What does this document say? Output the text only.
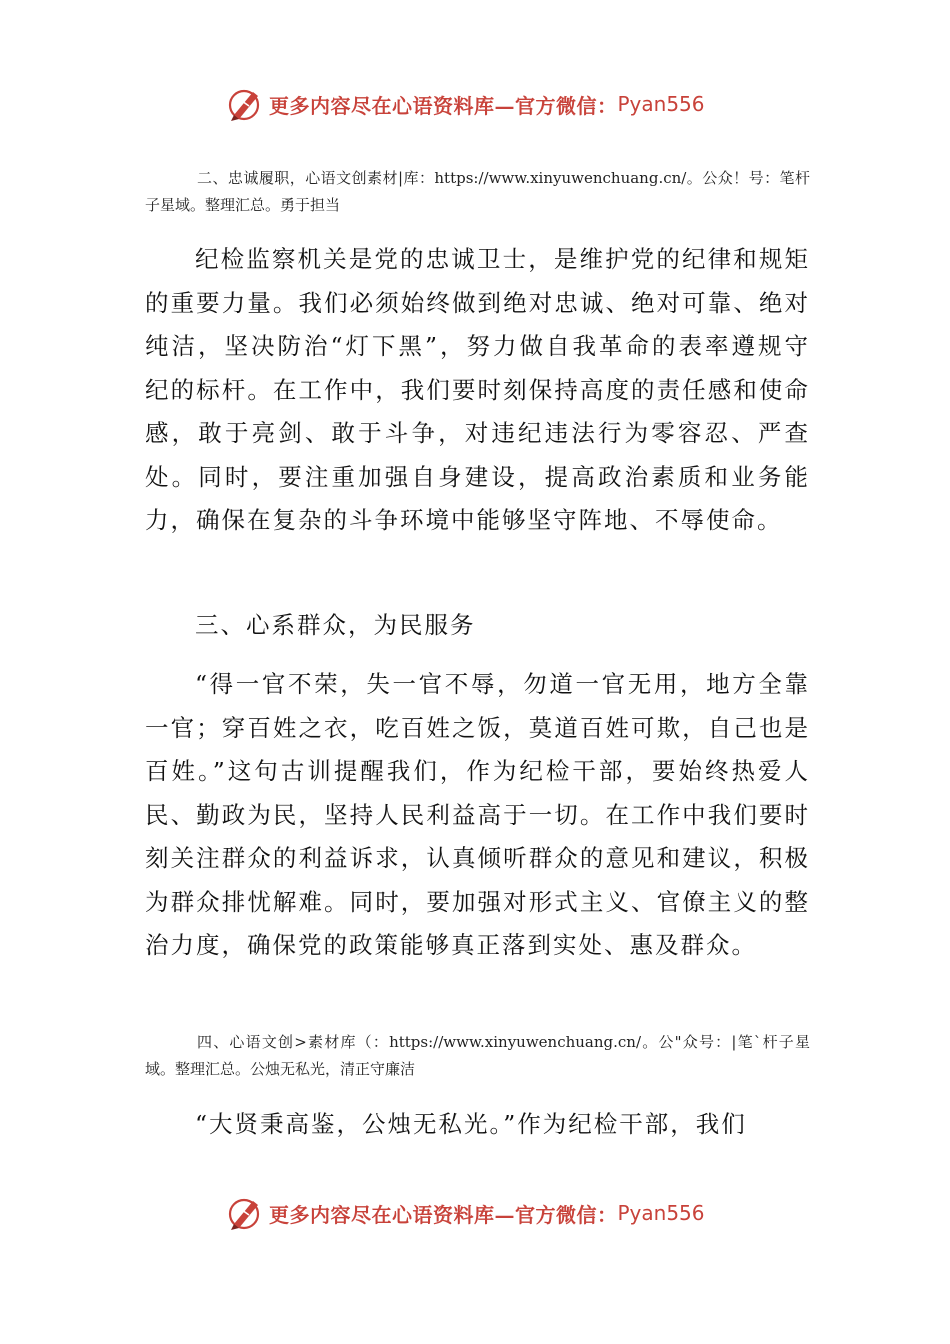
更多内容尽在心语资料库—官方微信： Pyan556
二、忠诚履职，心语文创素材|库：https://www.xinyuwenchuang.cn/。公众！号：笔杆子星域。整理汇总。勇于担当
纪检监察机关是党的忠诚卫士，是维护党的纪律和规矩的重要力量。我们必须始终做到绝对忠诚、绝对可靠、绝对纯洁，坚决防治“灯下黑”，努力做自我革命的表率遵规守纪的标杆。在工作中，我们要时刻保持高度的责任感和使命感，敢于亮剑、敢于斗争，对违纪违法行为零容忍、严查处。同时，要注重加强自身建设，提高政治素质和业务能力，确保在复杂的斗争环境中能够坚守阵地、不辱使命。
三、心系群众，为民服务
“得一官不荣，失一官不辱，勿道一官无用，地方全靠一官；穿百姓之衣，吃百姓之饭，莫道百姓可欺，自己也是百姓。”这句古训提醒我们，作为纪检干部，要始终热爱人民、勤政为民，坚持人民利益高于一切。在工作中我们要时刻关注群众的利益诉求，认真倾听群众的意见和建议，积极为群众排忧解难。同时，要加强对形式主义、官僚主义的整治力度，确保党的政策能够真正落到实处、惠及群众。
四、心语文创>素材库（：https://www.xinyuwenchuang.cn/。公"众号：|笔`杆子星域。整理汇总。公烛无私光，清正守廉洁
“大贤秉高鉴，公烛无私光。”作为纪检干部，我们
更多内容尽在心语资料库—官方微信： Pyan556
